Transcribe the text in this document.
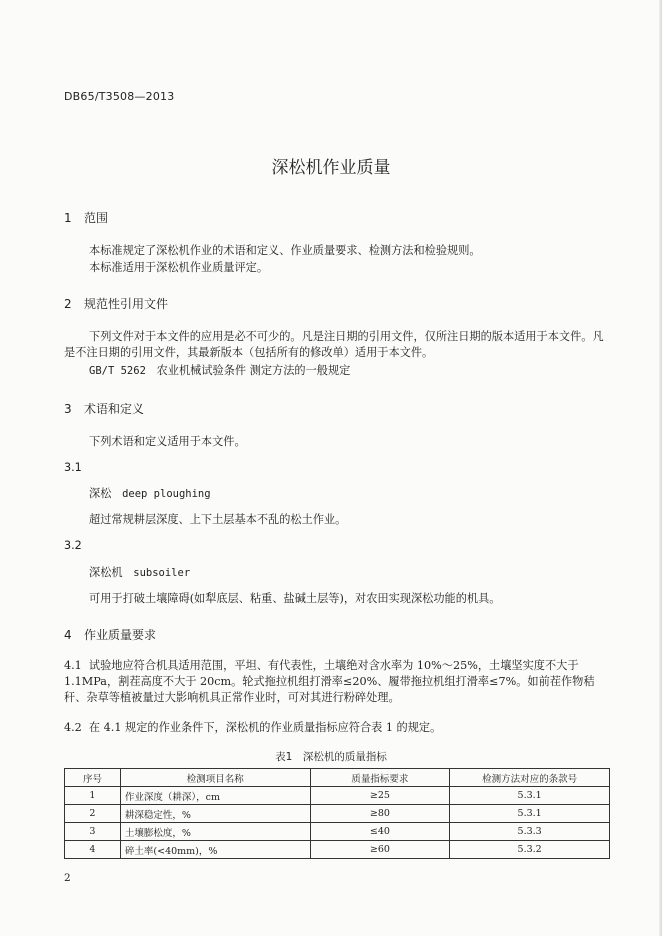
DB65/T3508—2013
深松机作业质量
1 范围
本标准规定了深松机作业的术语和定义、作业质量要求、检测方法和检验规则。
本标准适用于深松机作业质量评定。
2 规范性引用文件
下列文件对于本文件的应用是必不可少的。凡是注日期的引用文件，仅所注日期的版本适用于本文件。凡是不注日期的引用文件，其最新版本（包括所有的修改单）适用于本文件。
GB/T 5262 农业机械试验条件 测定方法的一般规定
3 术语和定义
下列术语和定义适用于本文件。
3.1
深松 deep ploughing
超过常规耕层深度、上下土层基本不乱的松土作业。
3.2
深松机 subsoiler
可用于打破土壤障碍(如犁底层、粘重、盐碱土层等)，对农田实现深松功能的机具。
4 作业质量要求
4.1 试验地应符合机具适用范围，平坦、有代表性，土壤绝对含水率为 10%～25%，土壤坚实度不大于 1.1MPa，割茬高度不大于 20cm。轮式拖拉机组打滑率≤20%、履带拖拉机组打滑率≤7%。如前茬作物秸秆、杂草等植被量过大影响机具正常作业时，可对其进行粉碎处理。
4.2 在 4.1 规定的作业条件下，深松机的作业质量指标应符合表 1 的规定。
表1　深松机的质量指标
序号	检测项目名称	质量指标要求	检测方法对应的条款号
1	作业深度（耕深），cm	≥25	5.3.1
2	耕深稳定性，%	≥80	5.3.1
3	土壤膨松度，%	≤40	5.3.3
4	碎土率(<40mm)，%	≥60	5.3.2
2
